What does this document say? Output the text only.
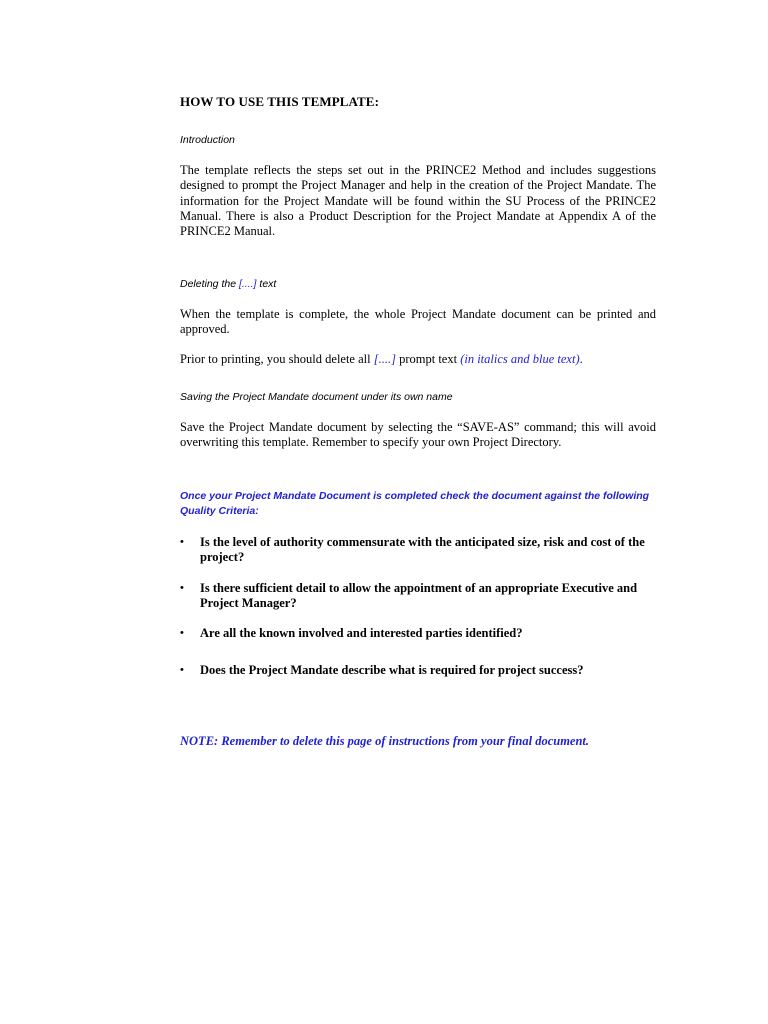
HOW TO USE THIS TEMPLATE:
Introduction

The template reflects the steps set out in the PRINCE2 Method and includes suggestions designed to prompt the Project Manager and help in the creation of the Project Mandate. The information for the Project Mandate will be found within the SU Process of the PRINCE2 Manual. There is also a Product Description for the Project Mandate at Appendix A of the PRINCE2 Manual.

Deleting the [....] text

When the template is complete, the whole Project Mandate document can be printed and approved.

Prior to printing, you should delete all [....] prompt text (in italics and blue text).

Saving the Project Mandate document under its own name

Save the Project Mandate document by selecting the “SAVE-AS” command; this will avoid overwriting this template. Remember to specify your own Project Directory.

Once your Project Mandate Document is completed check the document against the following Quality Criteria:

• Is the level of authority commensurate with the anticipated size, risk and cost of the project?
• Is there sufficient detail to allow the appointment of an appropriate Executive and Project Manager?
• Are all the known involved and interested parties identified?
• Does the Project Mandate describe what is required for project success?
NOTE: Remember to delete this page of instructions from your final document.
